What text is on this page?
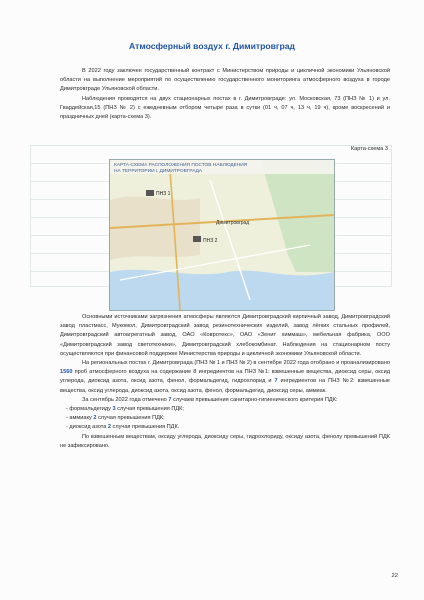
Атмосферный воздух г. Димитровград

В 2022 году заключен государственный контракт с Министерством природы и цикличной экономики Ульяновской области на выполнение мероприятий по осуществлению государственного мониторинга атмосферного воздуха в городе Димитровграде Ульяновской области.

Наблюдения проводятся на двух стационарных постах в г. Димитровграде: ул. Московская, 73 (ПНЗ № 1) и ул. Гвардейская,15 (ПНЗ № 2) с ежедневным отбором четыре раза в сутки (01 ч, 07 ч, 13 ч, 19 ч), кроме воскресений и праздничных дней (карта-схема 3).

Карта-схема 3
КАРТА-СХЕМА РАСПОЛОЖЕНИЯ ПОСТОВ НАБЛЮДЕНИЯ
НА ТЕРРИТОРИИ г. ДИМИТРОВГРАДА
ПНЗ 1
ПНЗ 2
Димитровград

Основными источниками загрязнения атмосферы являются Димитровградский кирпичный завод, Димитровградский завод пластмасс, Мукомол, Димитровградский завод резинотехнических изделий, завод лёгких стальных профилей, Димитровградский автоагрегатный завод, ОАО «Ковротекс», ОАО «Зенит химмаш», мебельная фабрика, ООО «Димитровградский завод светотехники», Димитровградский хлебокомбинат. Наблюдения на стационарном посту осуществляются при финансовой поддержке Министерства природы и цикличной экономики Ульяновской области.

На региональных постах г. Димитровграда (ПНЗ № 1 и ПНЗ № 2) в сентябре 2022 года отобрано и проанализировано 1560 проб атмосферного воздуха на содержание 8 ингредиентов на ПНЗ №1: взвешенные вещества, диоксид серы, оксид углерода, диоксид азота, оксид азота, фенол, формальдегид, гидрохлорид и 7 ингредиентов на ПНЗ №2: взвешенные вещества, оксид углерода, диоксид азота, оксид азота, фенол, формальдегид, диоксид серы, аммиак.

За сентябрь 2022 года отмечено 7 случаев превышения санитарно-гигиенического критерия ПДК:

- формальдегиду 3 случая превышения ПДК;

- аммиаку 2 случая превышения ПДК;

- диоксид азота 2 случая превышения ПДК.

По взвешенным веществам, оксиду углерода, диоксиду серы, гидрохлориду, оксиду азота, фенолу превышений ПДК не зафиксировано.

22
